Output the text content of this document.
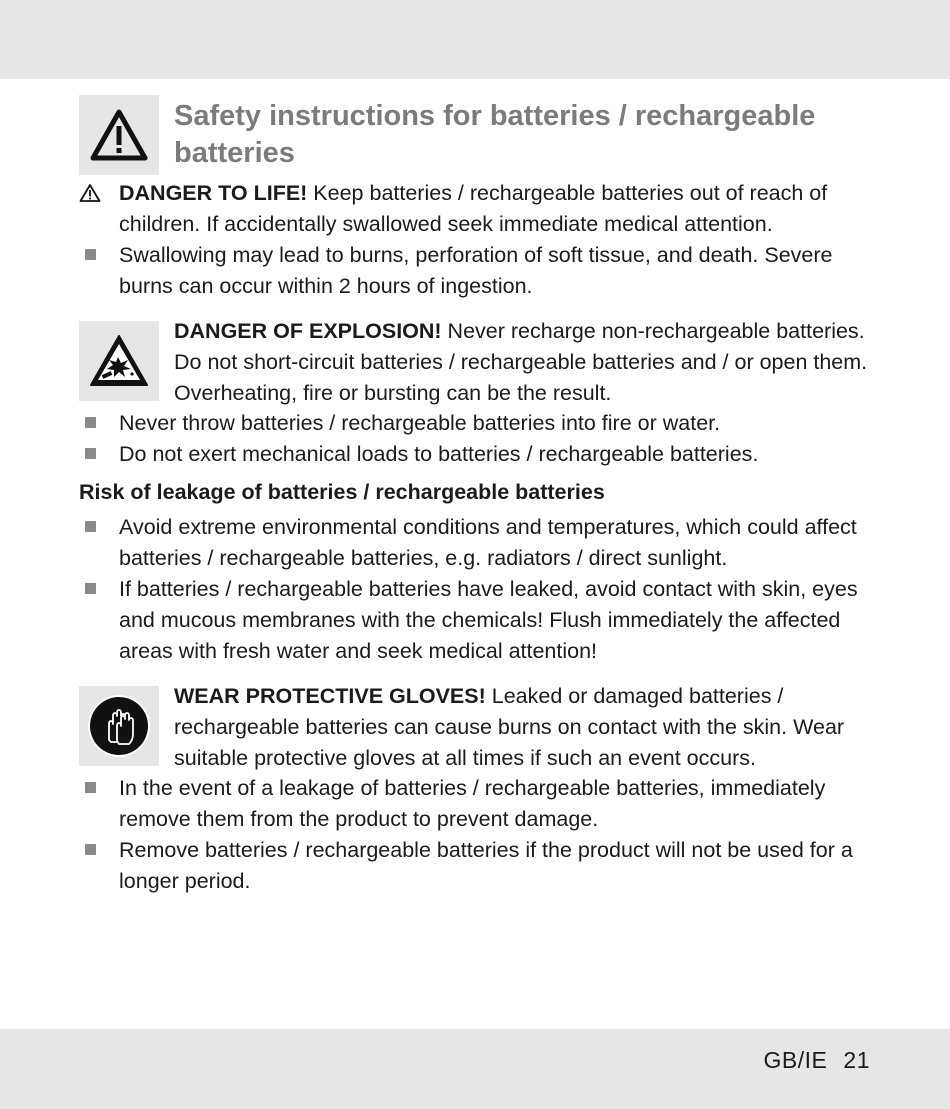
Safety instructions for batteries / rechargeable batteries
DANGER TO LIFE! Keep batteries / rechargeable batteries out of reach of children. If accidentally swallowed seek immediate medical attention.
Swallowing may lead to burns, perforation of soft tissue, and death. Severe burns can occur within 2 hours of ingestion.
DANGER OF EXPLOSION! Never recharge non-rechargeable batteries. Do not short-circuit batteries / rechargeable batteries and / or open them. Overheating, fire or bursting can be the result.
Never throw batteries / rechargeable batteries into fire or water.
Do not exert mechanical loads to batteries / rechargeable batteries.
Risk of leakage of batteries / rechargeable batteries
Avoid extreme environmental conditions and temperatures, which could affect batteries / rechargeable batteries, e.g. radiators / direct sunlight.
If batteries / rechargeable batteries have leaked, avoid contact with skin, eyes and mucous membranes with the chemicals! Flush immediately the affected areas with fresh water and seek medical attention!
WEAR PROTECTIVE GLOVES! Leaked or damaged batteries / rechargeable batteries can cause burns on contact with the skin. Wear suitable protective gloves at all times if such an event occurs.
In the event of a leakage of batteries / rechargeable batteries, immediately remove them from the product to prevent damage.
Remove batteries / rechargeable batteries if the product will not be used for a longer period.
GB/IE 21
